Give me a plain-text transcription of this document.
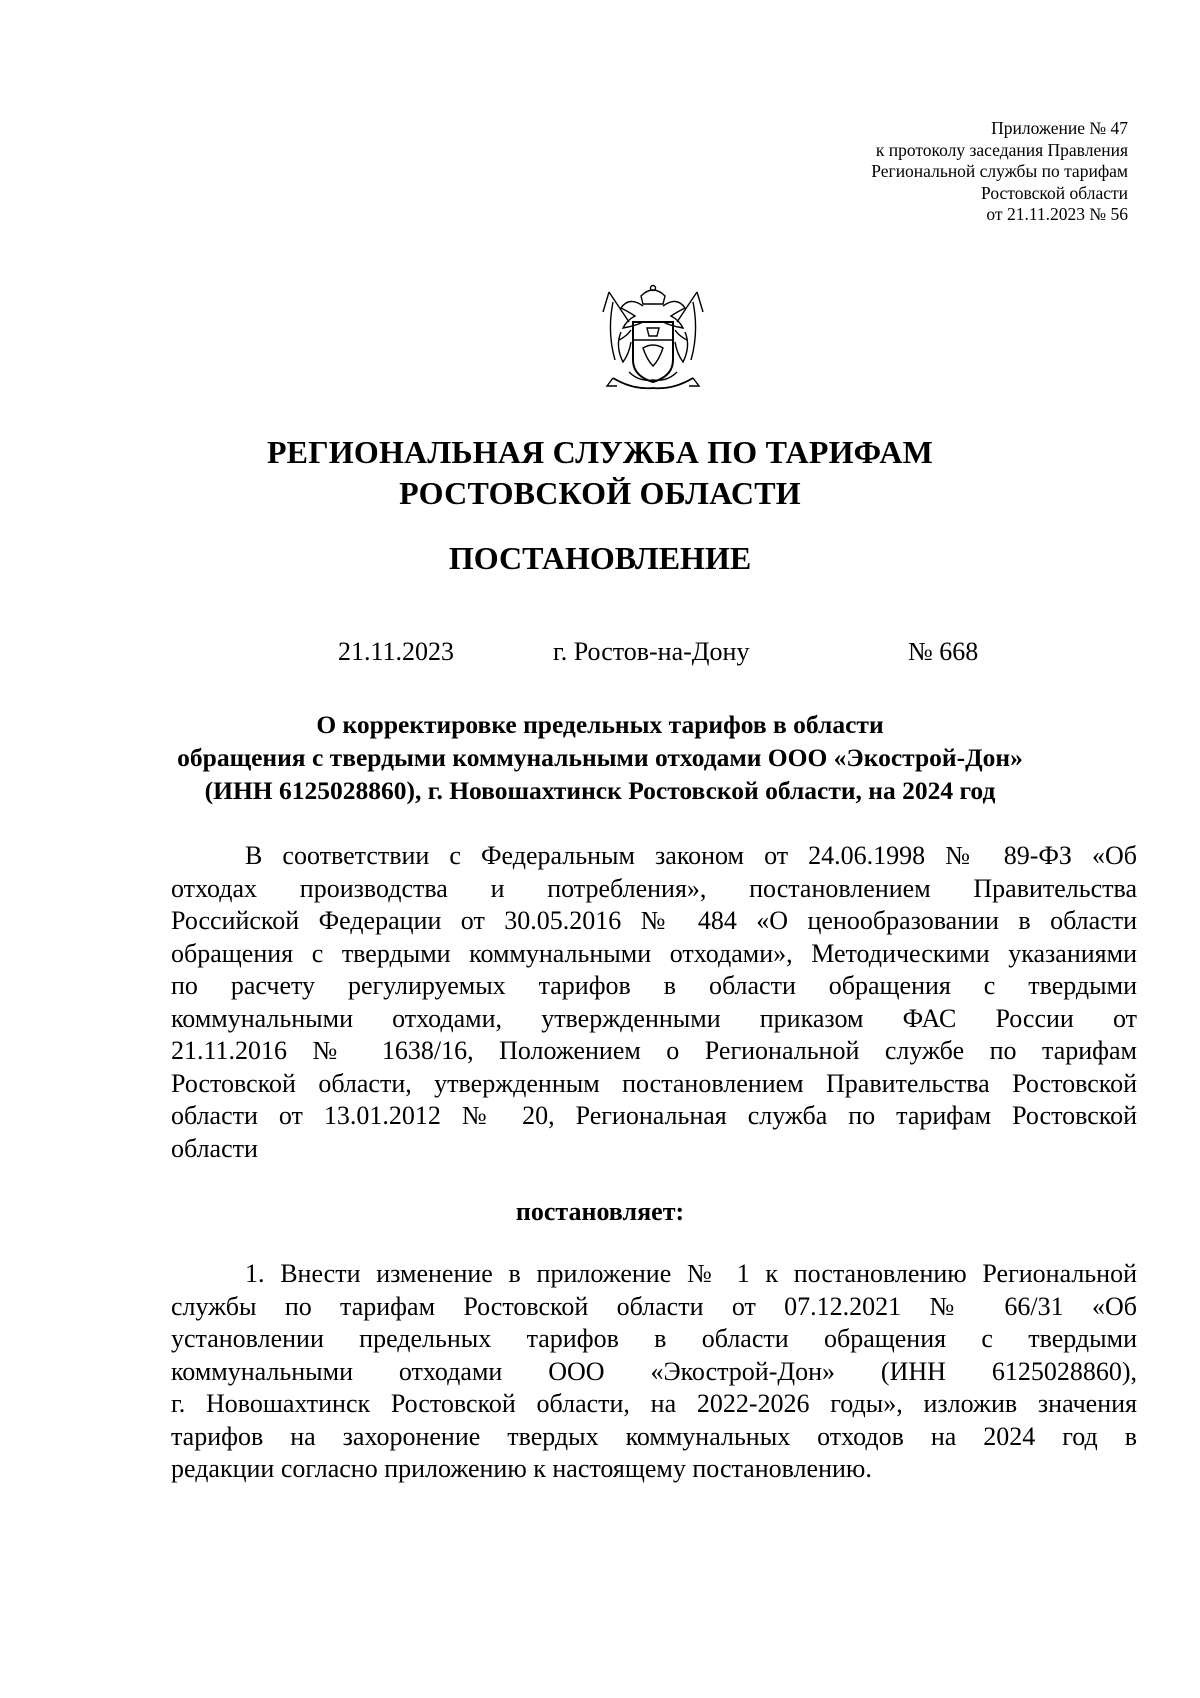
Приложение № 47
к протоколу заседания Правления
Региональной службы по тарифам
Ростовской области
от 21.11.2023 № 56
РЕГИОНАЛЬНАЯ СЛУЖБА ПО ТАРИФАМ
РОСТОВСКОЙ ОБЛАСТИ
ПОСТАНОВЛЕНИЕ
21.11.2023	г. Ростов-на-Дону	№ 668
О корректировке предельных тарифов в области
обращения с твердыми коммунальными отходами ООО «Экострой-Дон»
(ИНН 6125028860), г. Новошахтинск Ростовской области, на 2024 год
В соответствии с Федеральным законом от 24.06.1998 № 89-ФЗ «Об
отходах производства и потребления», постановлением Правительства
Российской Федерации от 30.05.2016 № 484 «О ценообразовании в области
обращения с твердыми коммунальными отходами», Методическими указаниями
по расчету регулируемых тарифов в области обращения с твердыми
коммунальными отходами, утвержденными приказом ФАС России от
21.11.2016 № 1638/16, Положением о Региональной службе по тарифам
Ростовской области, утвержденным постановлением Правительства Ростовской
области от 13.01.2012 № 20, Региональная служба по тарифам Ростовской
области
постановляет:
1. Внести изменение в приложение № 1 к постановлению Региональной
службы по тарифам Ростовской области от 07.12.2021 № 66/31 «Об
установлении предельных тарифов в области обращения с твердыми
коммунальными отходами ООО «Экострой-Дон» (ИНН 6125028860),
г. Новошахтинск Ростовской области, на 2022-2026 годы», изложив значения
тарифов на захоронение твердых коммунальных отходов на 2024 год в
редакции согласно приложению к настоящему постановлению.
